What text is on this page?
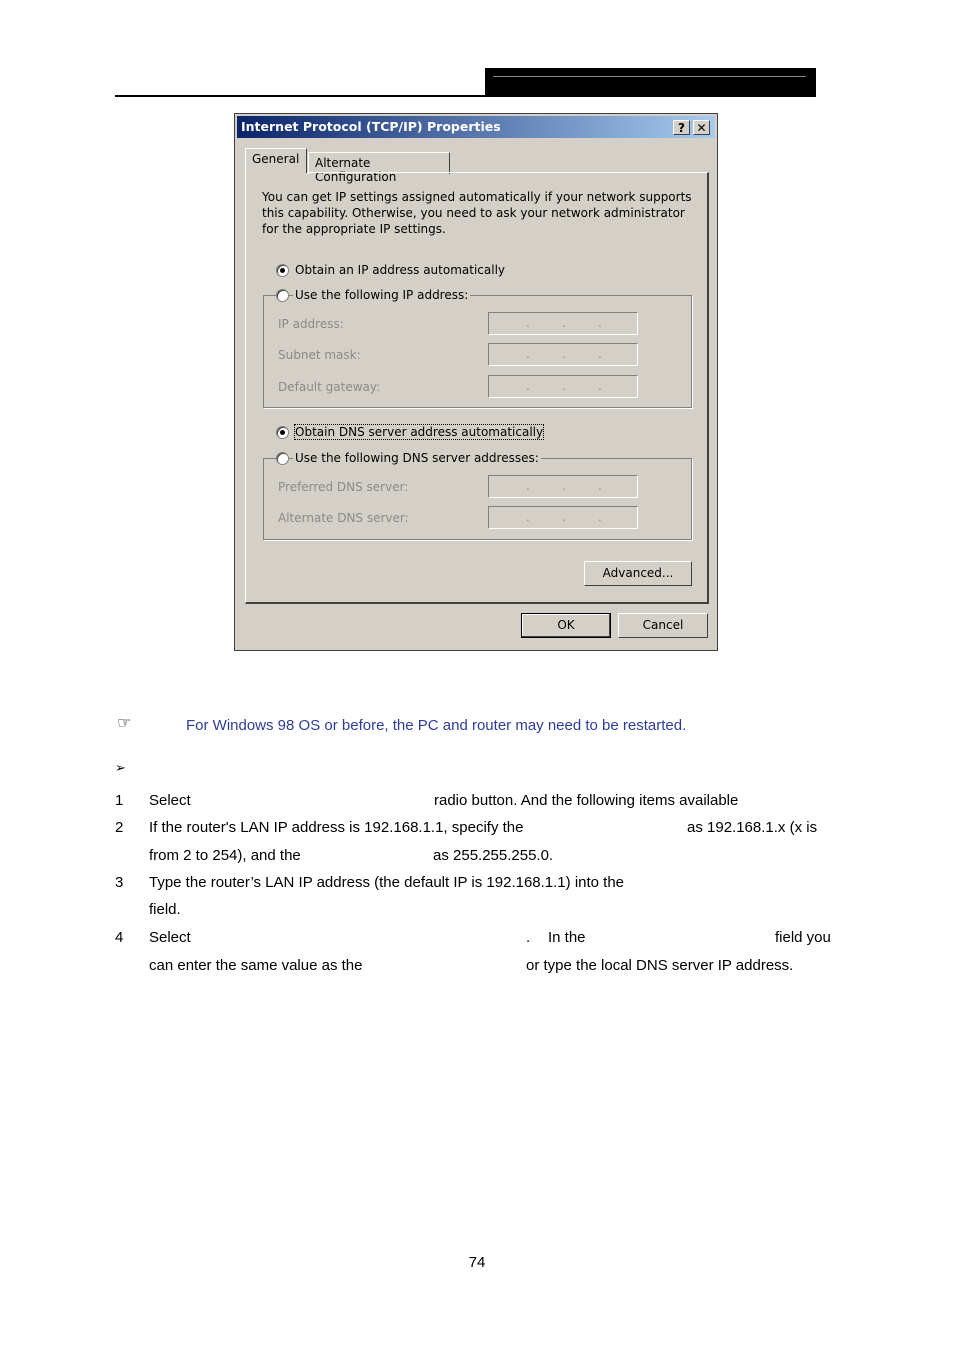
Internet Protocol (TCP/IP) Properties	? ✕
General	Alternate Configuration
You can get IP settings assigned automatically if your network supports this capability. Otherwise, you need to ask your network administrator for the appropriate IP settings.
Obtain an IP address automatically
Use the following IP address:
IP address:	.	.	.
Subnet mask:	.	.	.
Default gateway:	.	.	.
Obtain DNS server address automatically
Use the following DNS server addresses:
Preferred DNS server:	.	.	.
Alternate DNS server:	.	.	.
Advanced...
OK	Cancel
☞	For Windows 98 OS or before, the PC and router may need to be restarted.
➢
1 Select	radio button. And the following items available
2 If the router's LAN IP address is 192.168.1.1, specify the	as 192.168.1.x (x is
from 2 to 254), and the	as 255.255.255.0.
3 Type the router’s LAN IP address (the default IP is 192.168.1.1) into the
field.
4 Select	. In the	field you
can enter the same value as the	or type the local DNS server IP address.
74
